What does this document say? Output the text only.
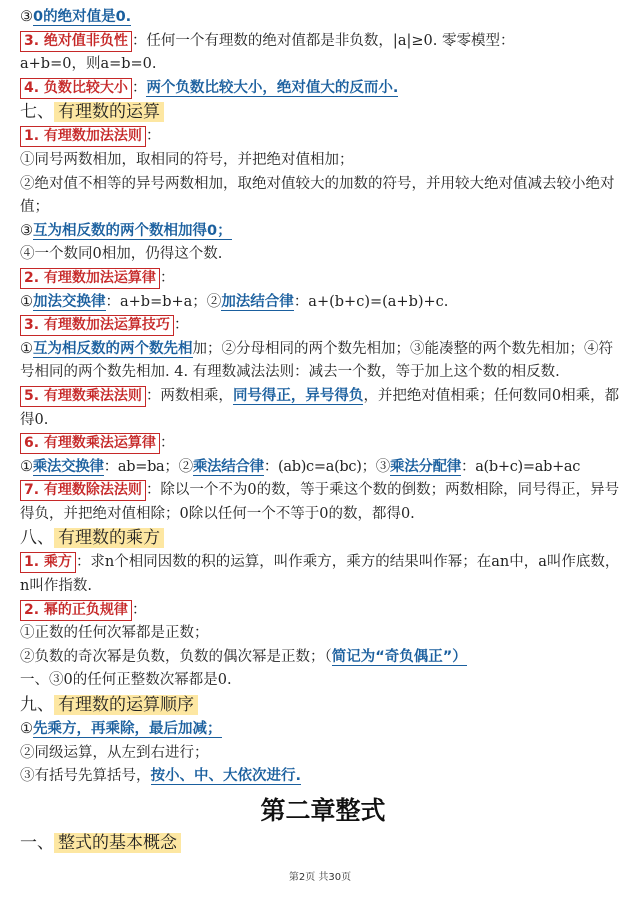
③0的绝对值是0.
3. 绝对值非负性 ：任何一个有理数的绝对值都是非负数，|a|≥0. 零零模型：
a+b=0，则a=b=0.
4. 负数比较大小 ：两个负数比较大小，绝对值大的反而小.
七、 有理数的运算
1. 有理数加法法则 ：
①同号两数相加，取相同的符号，并把绝对值相加；
②绝对值不相等的异号两数相加，取绝对值较大的加数的符号，并用较大绝对值减去较小绝对值；
③互为相反数的两个数相加得0；
④一个数同0相加，仍得这个数.
2. 有理数加法运算律 ：
①加法交换律：a+b=b+a；②加法结合律：a+(b+c)=(a+b)+c.
3. 有理数加法运算技巧 ：
①互为相反数的两个数先相加；②分母相同的两个数先相加；③能凑整的两个数先相加；④符号相同的两个数先相加. 4. 有理数减法法则：减去一个数，等于加上这个数的相反数.
5. 有理数乘法法则 ：两数相乘，同号得正，异号得负，并把绝对值相乘；任何数同0相乘，都得0.
6. 有理数乘法运算律 ：
①乘法交换律：ab=ba；②乘法结合律：(ab)c=a(bc)；③乘法分配律：a(b+c)=ab+ac
7. 有理数除法法则 ：除以一个不为0的数，等于乘这个数的倒数；两数相除，同号得正，异号得负，并把绝对值相除；0除以任何一个不等于0的数，都得0.
八、 有理数的乘方
1. 乘方 ：求n个相同因数的积的运算，叫作乘方，乘方的结果叫作幂；在an中，a叫作底数，n叫作指数.
2. 幂的正负规律 ：
①正数的任何次幂都是正数；
②负数的奇次幂是负数，负数的偶次幂是正数；（简记为“奇负偶正”）
一、③0的任何正整数次幂都是0.
九、 有理数的运算顺序
①先乘方，再乘除，最后加减；
②同级运算，从左到右进行；
③有括号先算括号，按小、中、大依次进行.
第二章整式
一、 整式的基本概念
第2页 共30页
